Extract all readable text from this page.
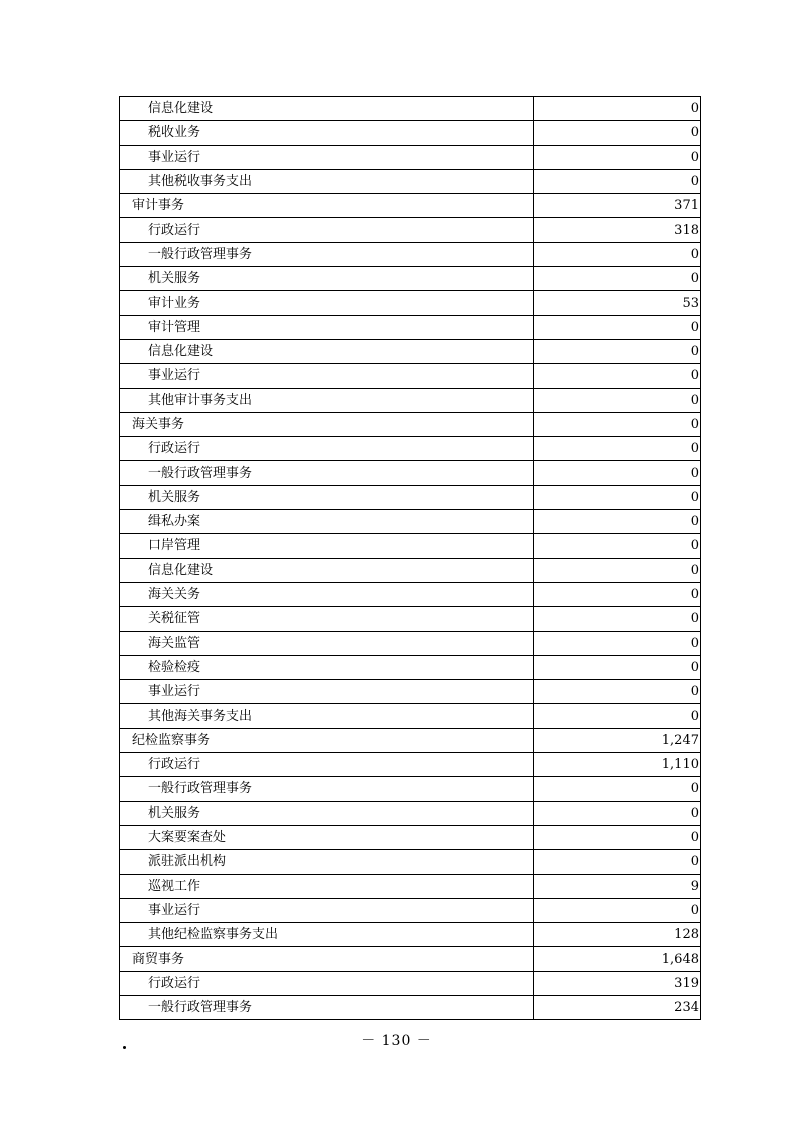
信息化建设	0
税收业务	0
事业运行	0
其他税收事务支出	0
审计事务	371
行政运行	318
一般行政管理事务	0
机关服务	0
审计业务	53
审计管理	0
信息化建设	0
事业运行	0
其他审计事务支出	0
海关事务	0
行政运行	0
一般行政管理事务	0
机关服务	0
缉私办案	0
口岸管理	0
信息化建设	0
海关关务	0
关税征管	0
海关监管	0
检验检疫	0
事业运行	0
其他海关事务支出	0
纪检监察事务	1,247
行政运行	1,110
一般行政管理事务	0
机关服务	0
大案要案查处	0
派驻派出机构	0
巡视工作	9
事业运行	0
其他纪检监察事务支出	128
商贸事务	1,648
行政运行	319
一般行政管理事务	234
－ 130 －
